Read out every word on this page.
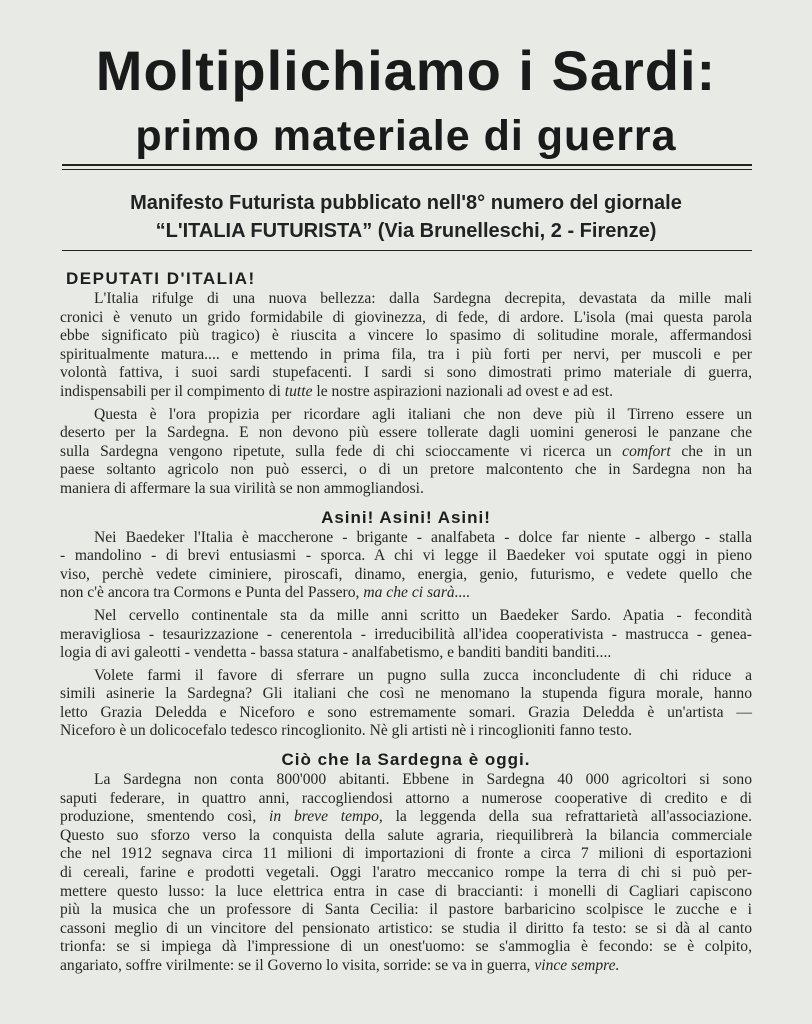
Moltiplichiamo i Sardi:
primo materiale di guerra
Manifesto Futurista pubblicato nell'8° numero del giornale
“L'ITALIA FUTURISTA” (Via Brunelleschi, 2 - Firenze)
DEPUTATI D'ITALIA!
L'Italia rifulge di una nuova bellezza: dalla Sardegna decrepita, devastata da mille mali
cronici è venuto un grido formidabile di giovinezza, di fede, di ardore. L'isola (mai questa parola
ebbe significato più tragico) è riuscita a vincere lo spasimo di solitudine morale, affermandosi
spiritualmente matura.... e mettendo in prima fila, tra i più forti per nervi, per muscoli e per
volontà fattiva, i suoi sardi stupefacenti. I sardi si sono dimostrati primo materiale di guerra,
indispensabili per il compimento di tutte le nostre aspirazioni nazionali ad ovest e ad est.
Questa è l'ora propizia per ricordare agli italiani che non deve più il Tirreno essere un
deserto per la Sardegna. E non devono più essere tollerate dagli uomini generosi le panzane che
sulla Sardegna vengono ripetute, sulla fede di chi scioccamente vi ricerca un comfort che in un
paese soltanto agricolo non può esserci, o di un pretore malcontento che in Sardegna non ha
maniera di affermare la sua virilità se non ammogliandosi.
Asini! Asini! Asini!
Nei Baedeker l'Italia è maccherone - brigante - analfabeta - dolce far niente - albergo - stalla
- mandolino - di brevi entusiasmi - sporca. A chi vi legge il Baedeker voi sputate oggi in pieno
viso, perchè vedete ciminiere, piroscafi, dinamo, energia, genio, futurismo, e vedete quello che
non c'è ancora tra Cormons e Punta del Passero, ma che ci sarà....
Nel cervello continentale sta da mille anni scritto un Baedeker Sardo. Apatia - fecondità
meravigliosa - tesaurizzazione - cenerentola - irreducibilità all'idea cooperativista - mastrucca - genea-
logia di avi galeotti - vendetta - bassa statura - analfabetismo, e banditi banditi banditi....
Volete farmi il favore di sferrare un pugno sulla zucca inconcludente di chi riduce a
simili asinerie la Sardegna? Gli italiani che così ne menomano la stupenda figura morale, hanno
letto Grazia Deledda e Niceforo e sono estremamente somari. Grazia Deledda è un'artista —
Niceforo è un dolicocefalo tedesco rincoglionito. Nè gli artisti nè i rincoglioniti fanno testo.
Ciò che la Sardegna è oggi.
La Sardegna non conta 800'000 abitanti. Ebbene in Sardegna 40 000 agricoltori si sono
saputi federare, in quattro anni, raccogliendosi attorno a numerose cooperative di credito e di
produzione, smentendo così, in breve tempo, la leggenda della sua refrattarietà all'associazione.
Questo suo sforzo verso la conquista della salute agraria, riequilibrerà la bilancia commerciale
che nel 1912 segnava circa 11 milioni di importazioni di fronte a circa 7 milioni di esportazioni
di cereali, farine e prodotti vegetali. Oggi l'aratro meccanico rompe la terra di chi si può per-
mettere questo lusso: la luce elettrica entra in case di braccianti: i monelli di Cagliari capiscono
più la musica che un professore di Santa Cecilia: il pastore barbaricino scolpisce le zucche e i
cassoni meglio di un vincitore del pensionato artistico: se studia il diritto fa testo: se si dà al canto
trionfa: se si impiega dà l'impressione di un onest'uomo: se s'ammoglia è fecondo: se è colpito,
angariato, soffre virilmente: se il Governo lo visita, sorride: se va in guerra, vince sempre.
